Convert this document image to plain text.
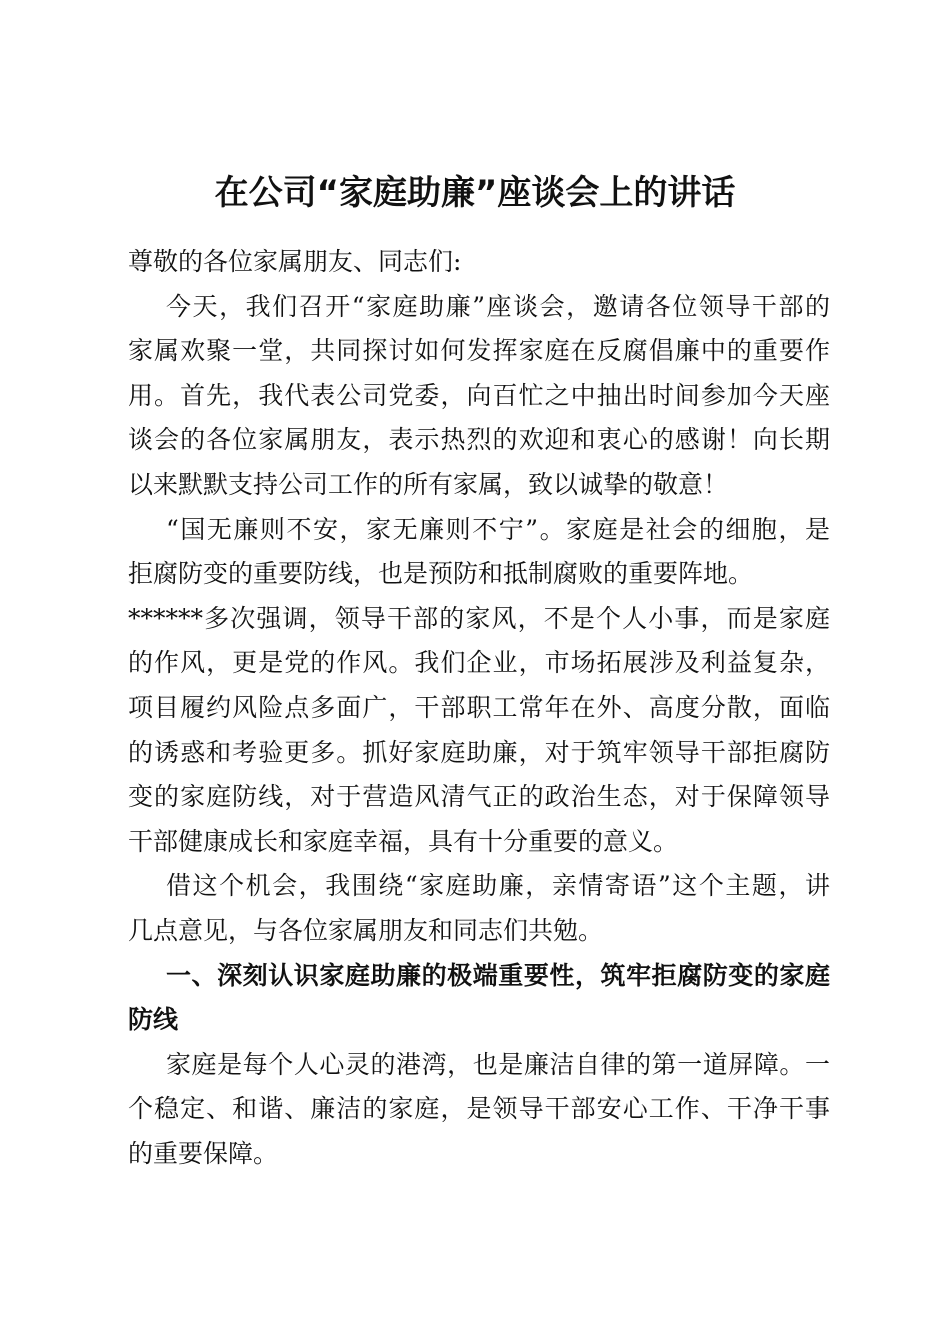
在公司“家庭助廉”座谈会上的讲话
尊敬的各位家属朋友、同志们:
今天，我们召开“家庭助廉”座谈会，邀请各位领导干部的
家属欢聚一堂，共同探讨如何发挥家庭在反腐倡廉中的重要作
用。首先，我代表公司党委，向百忙之中抽出时间参加今天座
谈会的各位家属朋友，表示热烈的欢迎和衷心的感谢！向长期
以来默默支持公司工作的所有家属，致以诚挚的敬意！
“国无廉则不安，家无廉则不宁”。家庭是社会的细胞，是
拒腐防变的重要防线，也是预防和抵制腐败的重要阵地。
******多次强调，领导干部的家风，不是个人小事，而是家庭
的作风，更是党的作风。我们企业，市场拓展涉及利益复杂，
项目履约风险点多面广，干部职工常年在外、高度分散，面临
的诱惑和考验更多。抓好家庭助廉，对于筑牢领导干部拒腐防
变的家庭防线，对于营造风清气正的政治生态，对于保障领导
干部健康成长和家庭幸福，具有十分重要的意义。
借这个机会，我围绕“家庭助廉，亲情寄语”这个主题，讲
几点意见，与各位家属朋友和同志们共勉。
一、深刻认识家庭助廉的极端重要性，筑牢拒腐防变的家庭
防线
家庭是每个人心灵的港湾，也是廉洁自律的第一道屏障。一
个稳定、和谐、廉洁的家庭，是领导干部安心工作、干净干事
的重要保障。
